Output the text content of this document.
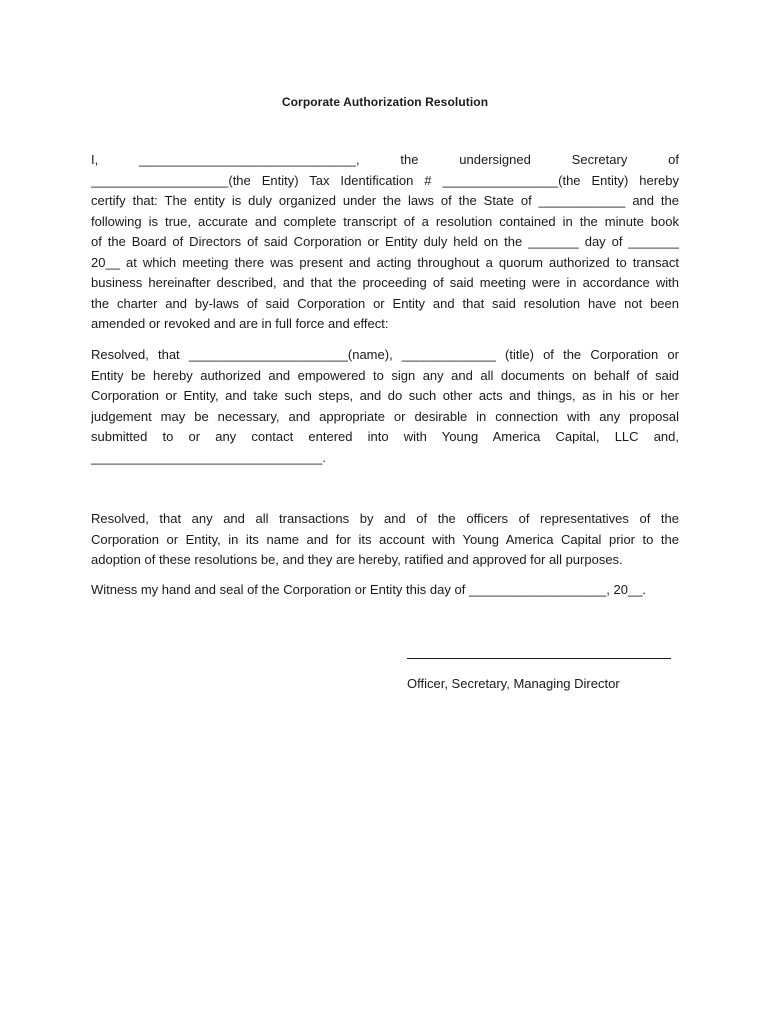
Corporate Authorization Resolution
I, ______________________________, the undersigned Secretary of
___________________(the Entity) Tax Identification # ________________(the Entity) hereby
certify that: The entity is duly organized under the laws of the State of ____________ and the
following is true, accurate and complete transcript of a resolution contained in the minute book
of the Board of Directors of said Corporation or Entity duly held on the _______ day of _______
20__ at which meeting there was present and acting throughout a quorum authorized to transact
business hereinafter described, and that the proceeding of said meeting were in accordance with
the charter and by-laws of said Corporation or Entity and that said resolution have not been
amended or revoked and are in full force and effect:
Resolved, that ______________________(name), _____________ (title) of the Corporation or
Entity be hereby authorized and empowered to sign any and all documents on behalf of said
Corporation or Entity, and take such steps, and do such other acts and things, as in his or her
judgement may be necessary, and appropriate or desirable in connection with any proposal
submitted to or any contact entered into with Young America Capital, LLC and,
________________________________.
Resolved, that any and all transactions by and of the officers of representatives of the
Corporation or Entity, in its name and for its account with Young America Capital prior to the
adoption of these resolutions be, and they are hereby, ratified and approved for all purposes.
Witness my hand and seal of the Corporation or Entity this day of ___________________, 20__.
Officer, Secretary, Managing Director
